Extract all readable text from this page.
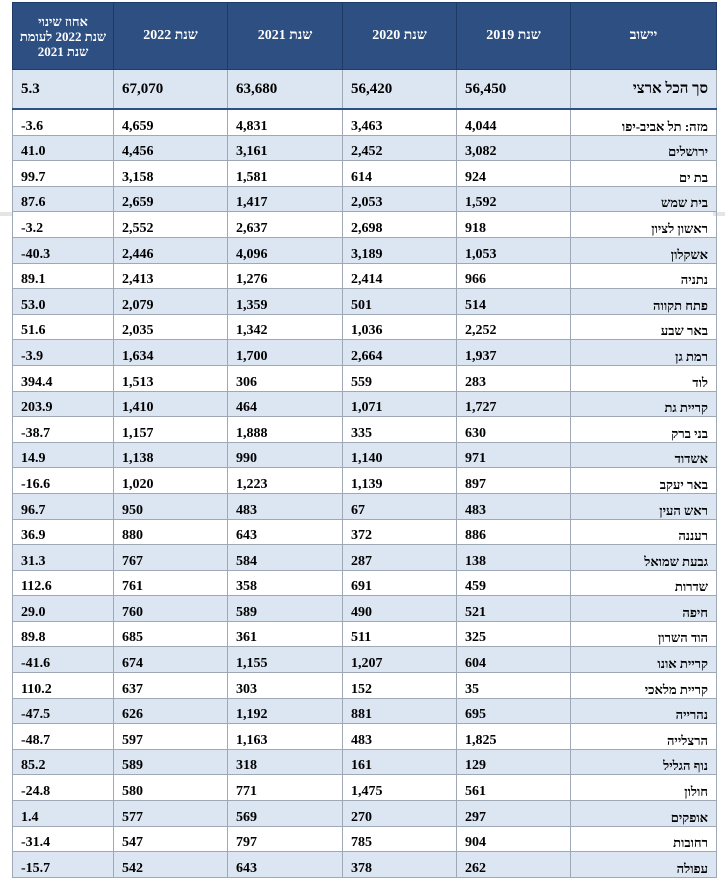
יישוב	שנת 2019	שנת 2020	שנת 2021	שנת 2022	אחוז שינוי
שנת 2022 לעומת
שנת 2021

סך הכל ארצי	56,450	56,420	63,680	67,070	5.3
מזה: תל אביב-יפו	4,044	3,463	4,831	4,659	3.6-
ירושלים	3,082	2,452	3,161	4,456	41.0
בת ים	924	614	1,581	3,158	99.7
בית שמש	1,592	2,053	1,417	2,659	87.6
ראשון לציון	918	2,698	2,637	2,552	3.2-
אשקלון	1,053	3,189	4,096	2,446	40.3-
נתניה	966	2,414	1,276	2,413	89.1
פתח תקווה	514	501	1,359	2,079	53.0
באר שבע	2,252	1,036	1,342	2,035	51.6
רמת גן	1,937	2,664	1,700	1,634	3.9-
לוד	283	559	306	1,513	394.4
קריית גת	1,727	1,071	464	1,410	203.9
בני ברק	630	335	1,888	1,157	38.7-
אשדוד	971	1,140	990	1,138	14.9
באר יעקב	897	1,139	1,223	1,020	16.6-
ראש העין	483	67	483	950	96.7
רעננה	886	372	643	880	36.9
גבעת שמואל	138	287	584	767	31.3
שדרות	459	691	358	761	112.6
חיפה	521	490	589	760	29.0
הוד השרון	325	511	361	685	89.8
קריית אונו	604	1,207	1,155	674	41.6-
קריית מלאכי	35	152	303	637	110.2
נהרייה	695	881	1,192	626	47.5-
הרצלייה	1,825	483	1,163	597	48.7-
נוף הגליל	129	161	318	589	85.2
חולון	561	1,475	771	580	24.8-
אופקים	297	270	569	577	1.4
רחובות	904	785	797	547	31.4-
עפולה	262	378	643	542	15.7-
